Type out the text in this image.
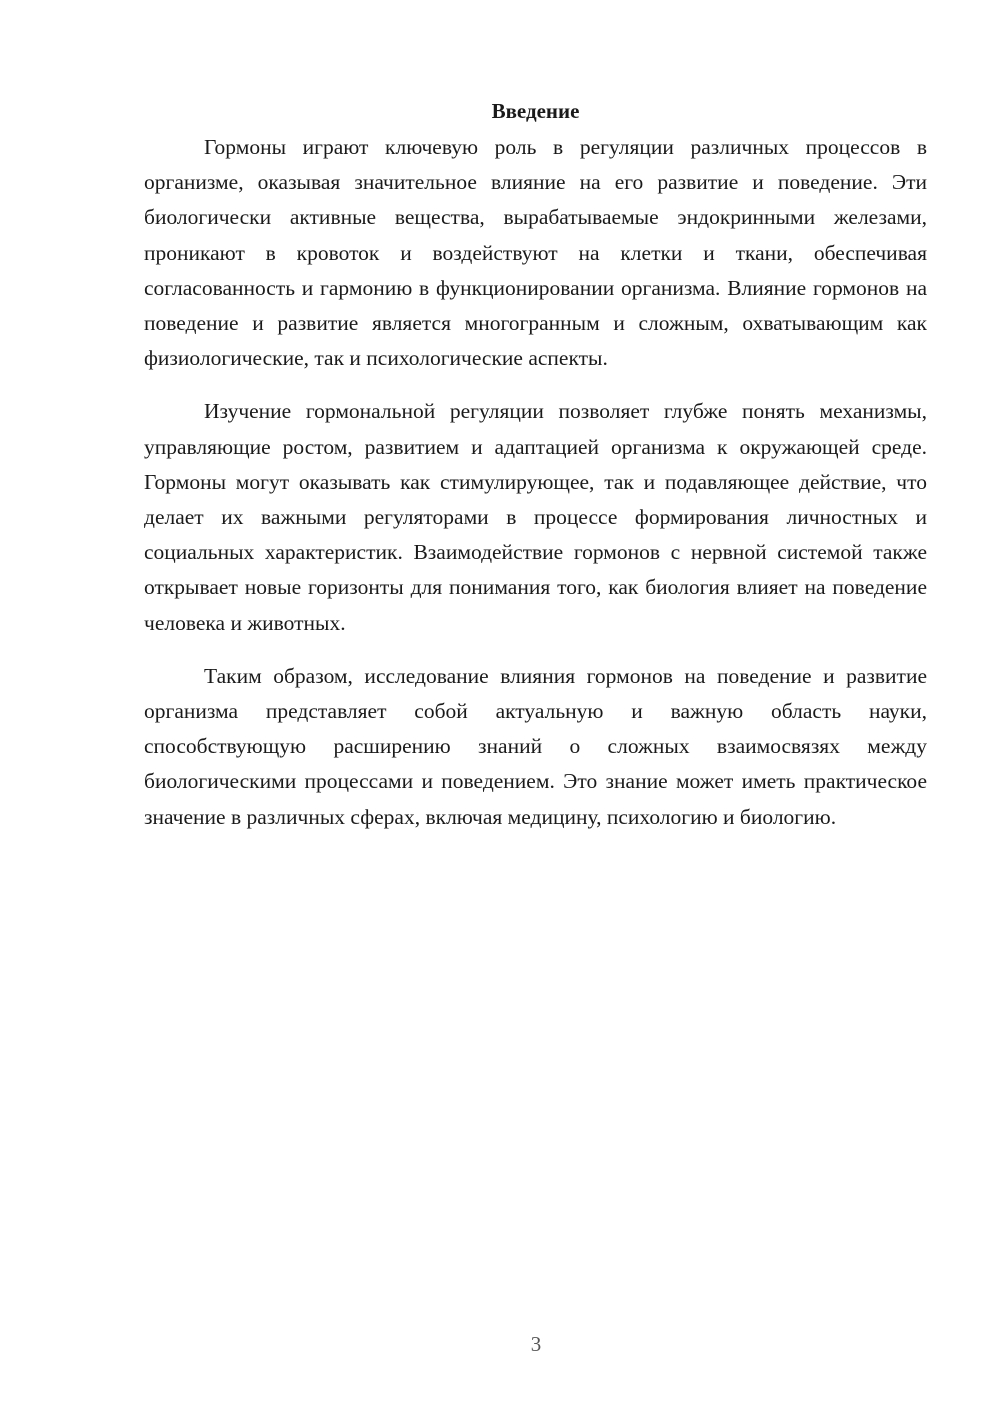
Введение

Гормоны играют ключевую роль в регуляции различных процессов в организме, оказывая значительное влияние на его развитие и поведение. Эти биологически активные вещества, вырабатываемые эндокринными железами, проникают в кровоток и воздействуют на клетки и ткани, обеспечивая согласованность и гармонию в функционировании организма. Влияние гормонов на поведение и развитие является многогранным и сложным, охватывающим как физиологические, так и психологические аспекты.

Изучение гормональной регуляции позволяет глубже понять механизмы, управляющие ростом, развитием и адаптацией организма к окружающей среде. Гормоны могут оказывать как стимулирующее, так и подавляющее действие, что делает их важными регуляторами в процессе формирования личностных и социальных характеристик. Взаимодействие гормонов с нервной системой также открывает новые горизонты для понимания того, как биология влияет на поведение человека и животных.

Таким образом, исследование влияния гормонов на поведение и развитие организма представляет собой актуальную и важную область науки, способствующую расширению знаний о сложных взаимосвязях между биологическими процессами и поведением. Это знание может иметь практическое значение в различных сферах, включая медицину, психологию и биологию.

3
